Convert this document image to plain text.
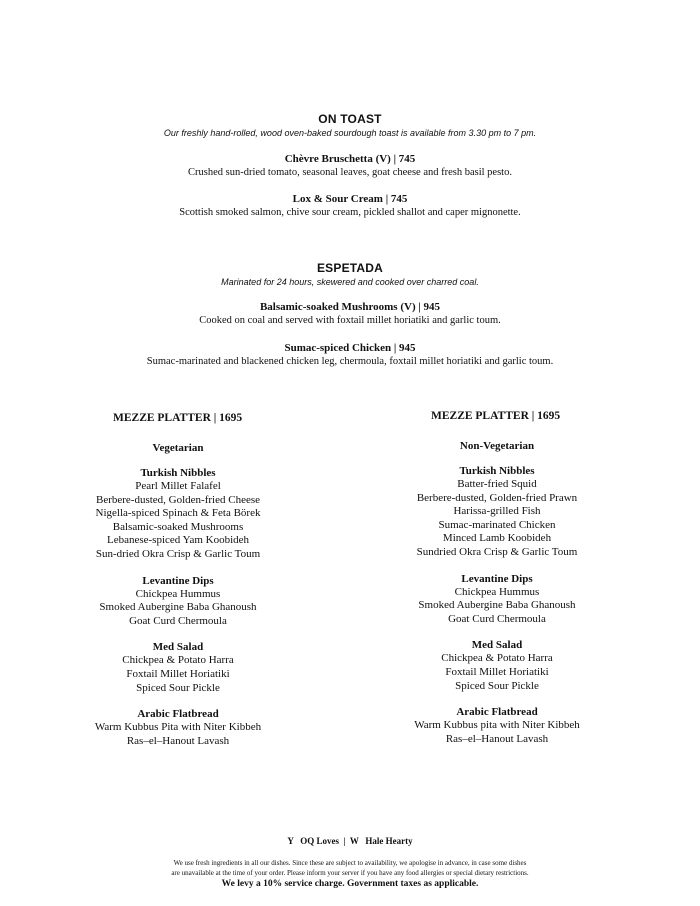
ON TOAST
Our freshly hand-rolled, wood oven-baked sourdough toast is available from 3.30 pm to 7 pm.
Chèvre Bruschetta (V) | 745
Crushed sun-dried tomato, seasonal leaves, goat cheese and fresh basil pesto.
Lox & Sour Cream | 745
Scottish smoked salmon, chive sour cream, pickled shallot and caper mignonette.
ESPETADA
Marinated for 24 hours, skewered and cooked over charred coal.
Balsamic-soaked Mushrooms (V) | 945
Cooked on coal and served with foxtail millet horiatiki and garlic toum.
Sumac-spiced Chicken | 945
Sumac-marinated and blackened chicken leg, chermoula, foxtail millet horiatiki and garlic toum.
MEZZE PLATTER | 1695
Vegetarian
Turkish Nibbles
Pearl Millet Falafel
Berbere-dusted, Golden-fried Cheese
Nigella-spiced Spinach & Feta Börek
Balsamic-soaked Mushrooms
Lebanese-spiced Yam Koobideh
Sun-dried Okra Crisp & Garlic Toum
Levantine Dips
Chickpea Hummus
Smoked Aubergine Baba Ghanoush
Goat Curd Chermoula
Med Salad
Chickpea & Potato Harra
Foxtail Millet Horiatiki
Spiced Sour Pickle
Arabic Flatbread
Warm Kubbus Pita with Niter Kibbeh
Ras–el–Hanout Lavash
MEZZE PLATTER | 1695
Non-Vegetarian
Turkish Nibbles
Batter-fried Squid
Berbere-dusted, Golden-fried Prawn
Harissa-grilled Fish
Sumac-marinated Chicken
Minced Lamb Koobideh
Sundried Okra Crisp & Garlic Toum
Levantine Dips
Chickpea Hummus
Smoked Aubergine Baba Ghanoush
Goat Curd Chermoula
Med Salad
Chickpea & Potato Harra
Foxtail Millet Horiatiki
Spiced Sour Pickle
Arabic Flatbread
Warm Kubbus pita with Niter Kibbeh
Ras–el–Hanout Lavash
Y   OQ Loves  |  W   Hale Hearty
We use fresh ingredients in all our dishes. Since these are subject to availability, we apologise in advance, in case some dishes
are unavailable at the time of your order. Please inform your server if you have any food allergies or special dietary restrictions.
We levy a 10% service charge. Government taxes as applicable.
